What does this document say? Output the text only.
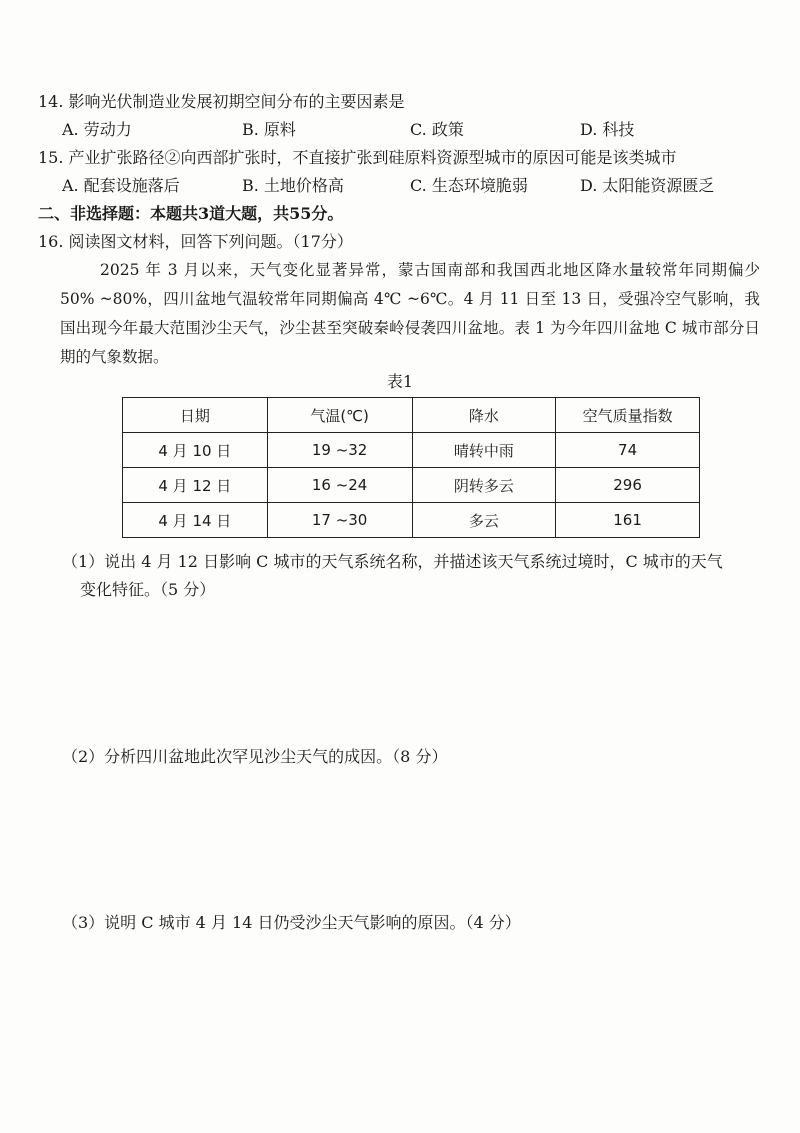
14. 影响光伏制造业发展初期空间分布的主要因素是
A. 劳动力	B. 原料	C. 政策	D. 科技
15. 产业扩张路径②向西部扩张时，不直接扩张到硅原料资源型城市的原因可能是该类城市
A. 配套设施落后	B. 土地价格高	C. 生态环境脆弱	D. 太阳能资源匮乏
二、非选择题：本题共3道大题，共55分。
16. 阅读图文材料，回答下列问题。（17分）
2025 年 3 月以来，天气变化显著异常，蒙古国南部和我国西北地区降水量较常年同期偏少 50% ~80%，四川盆地气温较常年同期偏高 4℃ ~6℃。4 月 11 日至 13 日，受强冷空气影响，我国出现今年最大范围沙尘天气，沙尘甚至突破秦岭侵袭四川盆地。表 1 为今年四川盆地 C 城市部分日期的气象数据。
表1
日期	气温(℃)	降水	空气质量指数
4 月 10 日	19 ~32	晴转中雨	74
4 月 12 日	16 ~24	阴转多云	296
4 月 14 日	17 ~30	多云	161
（1）说出 4 月 12 日影响 C 城市的天气系统名称，并描述该天气系统过境时，C 城市的天气
变化特征。（5 分）
（2）分析四川盆地此次罕见沙尘天气的成因。（8 分）
（3）说明 C 城市 4 月 14 日仍受沙尘天气影响的原因。（4 分）
